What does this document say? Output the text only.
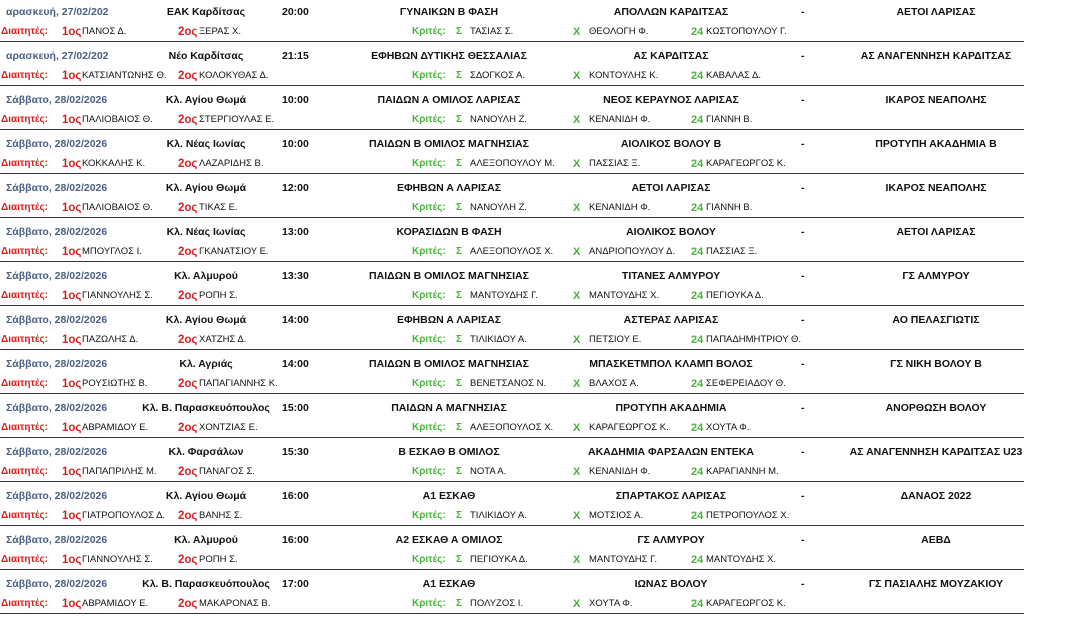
αρασκευή, 27/02/202	ΕΑΚ Καρδίτσας	20:00	ΓΥΝΑΙΚΩΝ Β ΦΑΣΗ	ΑΠΟΛΛΩΝ ΚΑΡΔΙΤΣΑΣ	-	ΑΕΤΟΙ ΛΑΡΙΣΑΣ
Διαιτητές: 1ος ΠΑΝΟΣ Δ.	2ος ΞΕΡΑΣ Χ.	Κριτές: Σ ΤΑΣΙΑΣ Σ.	Χ ΘΕΟΛΟΓΗ Φ.	24 ΚΩΣΤΟΠΟΥΛΟΥ Γ.
αρασκευή, 27/02/202	Νέο Καρδίτσας	21:15	ΕΦΗΒΩΝ ΔΥΤΙΚΗΣ ΘΕΣΣΑΛΙΑΣ	ΑΣ ΚΑΡΔΙΤΣΑΣ	-	ΑΣ ΑΝΑΓΕΝΝΗΣΗ ΚΑΡΔΙΤΣΑΣ
Διαιτητές: 1ος ΚΑΤΣΙΑΝΤΩΝΗΣ Θ.	2ος ΚΟΛΟΚΥΘΑΣ Δ.	Κριτές: Σ ΣΔΟΓΚΟΣ Α.	Χ ΚΟΝΤΟΥΛΗΣ Κ.	24 ΚΑΒΑΛΑΣ Δ.
Σάββατο, 28/02/2026	Κλ. Αγίου Θωμά	10:00	ΠΑΙΔΩΝ Α ΟΜΙΛΟΣ ΛΑΡΙΣΑΣ	ΝΕΟΣ ΚΕΡΑΥΝΟΣ ΛΑΡΙΣΑΣ	-	ΙΚΑΡΟΣ ΝΕΑΠΟΛΗΣ
Διαιτητές: 1ος ΠΑΛΙΟΒΑΙΟΣ Θ.	2ος ΣΤΕΡΓΙΟΥΛΑΣ Ε.	Κριτές: Σ ΝΑΝΟΥΛΗ Ζ.	Χ ΚΕΝΑΝΙΔΗ Φ.	24 ΓΙΑΝΝΗ Β.
Σάββατο, 28/02/2026	Κλ. Νέας Ιωνίας	10:00	ΠΑΙΔΩΝ Β ΟΜΙΛΟΣ ΜΑΓΝΗΣΙΑΣ	ΑΙΟΛΙΚΟΣ ΒΟΛΟΥ Β	-	ΠΡΟΤΥΠΗ ΑΚΑΔΗΜΙΑ Β
Διαιτητές: 1ος ΚΟΚΚΑΛΗΣ Κ.	2ος ΛΑΖΑΡΙΔΗΣ Β.	Κριτές: Σ ΑΛΕΞΟΠΟΥΛΟΥ Μ.	Χ ΠΑΣΣΙΑΣ Ξ.	24 ΚΑΡΑΓΕΩΡΓΟΣ Κ.
Σάββατο, 28/02/2026	Κλ. Αγίου Θωμά	12:00	ΕΦΗΒΩΝ Α ΛΑΡΙΣΑΣ	ΑΕΤΟΙ ΛΑΡΙΣΑΣ	-	ΙΚΑΡΟΣ ΝΕΑΠΟΛΗΣ
Διαιτητές: 1ος ΠΑΛΙΟΒΑΙΟΣ Θ.	2ος ΤΙΚΑΣ Ε.	Κριτές: Σ ΝΑΝΟΥΛΗ Ζ.	Χ ΚΕΝΑΝΙΔΗ Φ.	24 ΓΙΑΝΝΗ Β.
Σάββατο, 28/02/2026	Κλ. Νέας Ιωνίας	13:00	ΚΟΡΑΣΙΔΩΝ Β ΦΑΣΗ	ΑΙΟΛΙΚΟΣ ΒΟΛΟΥ	-	ΑΕΤΟΙ ΛΑΡΙΣΑΣ
Διαιτητές: 1ος ΜΠΟΥΓΛΟΣ Ι.	2ος ΓΚΑΝΑΤΣΙΟΥ Ε.	Κριτές: Σ ΑΛΕΞΟΠΟΥΛΟΣ Χ.	Χ ΑΝΔΡΙΟΠΟΥΛΟΥ Δ.	24 ΠΑΣΣΙΑΣ Ξ.
Σάββατο, 28/02/2026	Κλ. Αλμυρού	13:30	ΠΑΙΔΩΝ Β ΟΜΙΛΟΣ ΜΑΓΝΗΣΙΑΣ	ΤΙΤΑΝΕΣ ΑΛΜΥΡΟΥ	-	ΓΣ ΑΛΜΥΡΟΥ
Διαιτητές: 1ος ΓΙΑΝΝΟΥΛΗΣ Σ.	2ος ΡΟΠΗ Σ.	Κριτές: Σ ΜΑΝΤΟΥΔΗΣ Γ.	Χ ΜΑΝΤΟΥΔΗΣ Χ.	24 ΠΕΓΙΟΥΚΑ Δ.
Σάββατο, 28/02/2026	Κλ. Αγίου Θωμά	14:00	ΕΦΗΒΩΝ Α ΛΑΡΙΣΑΣ	ΑΣΤΕΡΑΣ ΛΑΡΙΣΑΣ	-	ΑΟ ΠΕΛΑΣΓΙΩΤΙΣ
Διαιτητές: 1ος ΠΑΖΩΛΗΣ Δ.	2ος ΧΑΤΖΗΣ Δ.	Κριτές: Σ ΤΙΛΙΚΙΔΟΥ Α.	Χ ΠΕΤΣΙΟΥ Ε.	24 ΠΑΠΑΔΗΜΗΤΡΙΟΥ Θ.
Σάββατο, 28/02/2026	Κλ. Αγριάς	14:00	ΠΑΙΔΩΝ Β ΟΜΙΛΟΣ ΜΑΓΝΗΣΙΑΣ	ΜΠΑΣΚΕΤΜΠΟΛ ΚΛΑΜΠ ΒΟΛΟΣ	-	ΓΣ ΝΙΚΗ ΒΟΛΟΥ Β
Διαιτητές: 1ος ΡΟΥΣΙΩΤΗΣ Β.	2ος ΠΑΠΑΓΙΑΝΝΗΣ Κ.	Κριτές: Σ ΒΕΝΕΤΣΑΝΟΣ Ν.	Χ ΒΛΑΧΟΣ Α.	24 ΣΕΦΕΡΕΙΑΔΟΥ Θ.
Σάββατο, 28/02/2026	Κλ. Β. Παρασκευόπουλος 15:00	ΠΑΙΔΩΝ Α ΜΑΓΝΗΣΙΑΣ	ΠΡΟΤΥΠΗ ΑΚΑΔΗΜΙΑ	-	ΑΝΟΡΘΩΣΗ ΒΟΛΟΥ
Διαιτητές: 1ος ΑΒΡΑΜΙΔΟΥ Ε.	2ος ΧΟΝΤΖΙΑΣ Ε.	Κριτές: Σ ΑΛΕΞΟΠΟΥΛΟΣ Χ.	Χ ΚΑΡΑΓΕΩΡΓΟΣ Κ.	24 ΧΟΥΤΑ Φ.
Σάββατο, 28/02/2026	Κλ. Φαρσάλων	15:30	Β ΕΣΚΑΘ Β ΟΜΙΛΟΣ	ΑΚΑΔΗΜΙΑ ΦΑΡΣΑΛΩΝ ΕΝΤΕΚΑ	-	ΑΣ ΑΝΑΓΕΝΝΗΣΗ ΚΑΡΔΙΤΣΑΣ U23
Διαιτητές: 1ος ΠΑΠΑΠΡΙΛΗΣ Μ.	2ος ΠΑΝΑΓΟΣ Σ.	Κριτές: Σ ΝΟΤΑ Α.	Χ ΚΕΝΑΝΙΔΗ Φ.	24 ΚΑΡΑΓΙΑΝΝΗ Μ.
Σάββατο, 28/02/2026	Κλ. Αγίου Θωμά	16:00	Α1 ΕΣΚΑΘ	ΣΠΑΡΤΑΚΟΣ ΛΑΡΙΣΑΣ	-	ΔΑΝΑΟΣ 2022
Διαιτητές: 1ος ΓΙΑΤΡΟΠΟΥΛΟΣ Δ.	2ος ΒΑΝΗΣ Σ.	Κριτές: Σ ΤΙΛΙΚΙΔΟΥ Α.	Χ ΜΟΤΣΙΟΣ Α.	24 ΠΕΤΡΟΠΟΥΛΟΣ Χ.
Σάββατο, 28/02/2026	Κλ. Αλμυρού	16:00	Α2 ΕΣΚΑΘ Α ΟΜΙΛΟΣ	ΓΣ ΑΛΜΥΡΟΥ	-	ΑΕΒΔ
Διαιτητές: 1ος ΓΙΑΝΝΟΥΛΗΣ Σ.	2ος ΡΟΠΗ Σ.	Κριτές: Σ ΠΕΓΙΟΥΚΑ Δ.	Χ ΜΑΝΤΟΥΔΗΣ Γ.	24 ΜΑΝΤΟΥΔΗΣ Χ.
Σάββατο, 28/02/2026	Κλ. Β. Παρασκευόπουλος 17:00	Α1 ΕΣΚΑΘ	ΙΩΝΑΣ ΒΟΛΟΥ	-	ΓΣ ΠΑΣΙΑΛΗΣ ΜΟΥΖΑΚΙΟΥ
Διαιτητές: 1ος ΑΒΡΑΜΙΔΟΥ Ε.	2ος ΜΑΚΑΡΟΝΑΣ Β.	Κριτές: Σ ΠΟΛΥΖΟΣ Ι.	Χ ΧΟΥΤΑ Φ.	24 ΚΑΡΑΓΕΩΡΓΟΣ Κ.
